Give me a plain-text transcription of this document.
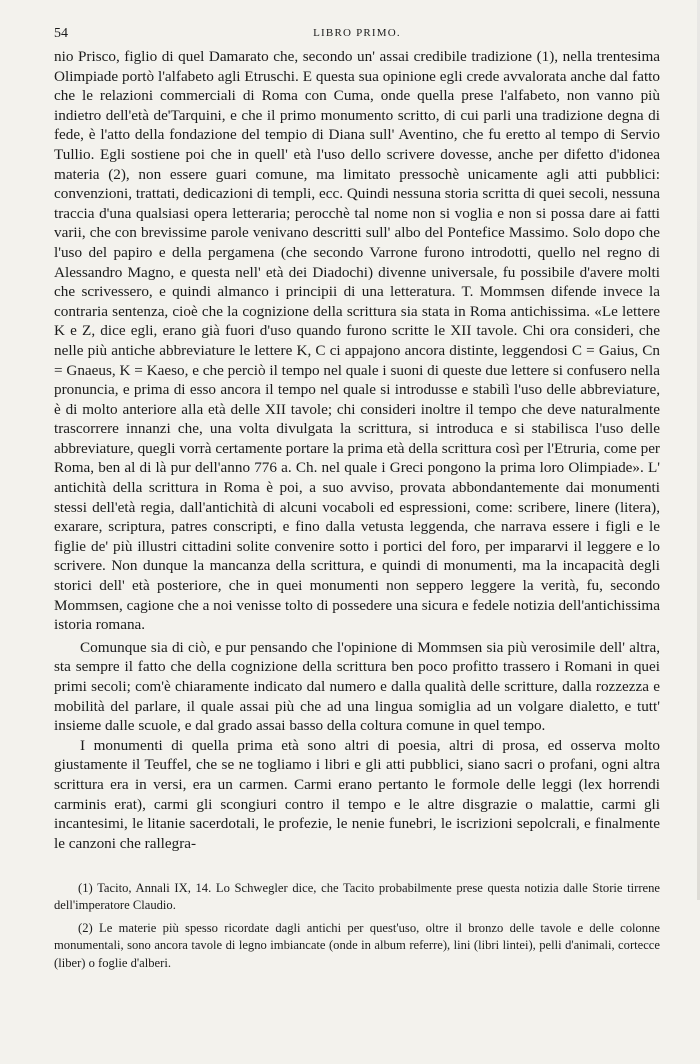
54	LIBRO PRIMO.

nio Prisco, figlio di quel Damarato che, secondo un' assai credibile tradizione (1), nella trentesima Olimpiade portò l'alfabeto agli Etruschi. E questa sua opinione egli crede avvalorata anche dal fatto che le relazioni commerciali di Roma con Cuma, onde quella prese l'alfabeto, non vanno più indietro dell'età de'Tarquini, e che il primo monumento scritto, di cui parli una tradizione degna di fede, è l'atto della fondazione del tempio di Diana sull' Aventino, che fu eretto al tempo di Servio Tullio. Egli sostiene poi che in quell' età l'uso dello scrivere dovesse, anche per difetto d'idonea materia (2), non essere guari comune, ma limitato pressochè unicamente agli atti pubblici: convenzioni, trattati, dedicazioni di templi, ecc. Quindi nessuna storia scritta di quei secoli, nessuna traccia d'una qualsiasi opera letteraria; perocchè tal nome non si voglia e non si possa dare ai fatti varii, che con brevissime parole venivano descritti sull' albo del Pontefice Massimo. Solo dopo che l'uso del papiro e della pergamena (che secondo Varrone furono introdotti, quello nel regno di Alessandro Magno, e questa nell' età dei Diadochi) divenne universale, fu possibile d'avere molti che scrivessero, e quindi almanco i principii di una letteratura. T. Mommsen difende invece la contraria sentenza, cioè che la cognizione della scrittura sia stata in Roma antichissima. «Le lettere K e Z, dice egli, erano già fuori d'uso quando furono scritte le XII tavole. Chi ora consideri, che nelle più antiche abbreviature le lettere K, C ci appajono ancora distinte, leggendosi C = Gaius, Cn = Gnaeus, K = Kaeso, e che perciò il tempo nel quale i suoni di queste due lettere si confusero nella pronuncia, e prima di esso ancora il tempo nel quale si introdusse e stabilì l'uso delle abbreviature, è di molto anteriore alla età delle XII tavole; chi consideri inoltre il tempo che deve naturalmente trascorrere innanzi che, una volta divulgata la scrittura, si introduca e si stabilisca l'uso delle abbreviature, quegli vorrà certamente portare la prima età della scrittura così per l'Etruria, come per Roma, ben al di là pur dell'anno 776 a. Ch. nel quale i Greci pongono la prima loro Olimpiade». L' antichità della scrittura in Roma è poi, a suo avviso, provata abbondantemente dai monumenti stessi dell'età regia, dall'antichità di alcuni vocaboli ed espressioni, come: scribere, linere (litera), exarare, scriptura, patres conscripti, e fino dalla vetusta leggenda, che narrava essere i figli e le figlie de' più illustri cittadini solite convenire sotto i portici del foro, per impararvi il leggere e lo scrivere. Non dunque la mancanza della scrittura, e quindi di monumenti, ma la incapacità degli storici dell' età posteriore, che in quei monumenti non seppero leggere la verità, fu, secondo Mommsen, cagione che a noi venisse tolto di possedere una sicura e fedele notizia dell'antichissima istoria romana.

Comunque sia di ciò, e pur pensando che l'opinione di Mommsen sia più verosimile dell' altra, sta sempre il fatto che della cognizione della scrittura ben poco profitto trassero i Romani in quei primi secoli; com'è chiaramente indicato dal numero e dalla qualità delle scritture, dalla rozzezza e mobilità del parlare, il quale assai più che ad una lingua somiglia ad un volgare dialetto, e tutt' insieme dalle scuole, e dal grado assai basso della coltura comune in quel tempo.

I monumenti di quella prima età sono altri di poesia, altri di prosa, ed osserva molto giustamente il Teuffel, che se ne togliamo i libri e gli atti pubblici, siano sacri o profani, ogni altra scrittura era in versi, era un carmen. Carmi erano pertanto le formole delle leggi (lex horrendi carminis erat), carmi gli scongiuri contro il tempo e le altre disgrazie o malattie, carmi gli incantesimi, le litanie sacerdotali, le profezie, le nenie funebri, le iscrizioni sepolcrali, e finalmente le canzoni che rallegra-

(1) Tacito, Annali IX, 14. Lo Schwegler dice, che Tacito probabilmente prese questa notizia dalle Storie tirrene dell'imperatore Claudio.

(2) Le materie più spesso ricordate dagli antichi per quest'uso, oltre il bronzo delle tavole e delle colonne monumentali, sono ancora tavole di legno imbiancate (onde in album referre), lini (libri lintei), pelli d'animali, cortecce (liber) o foglie d'alberi.
